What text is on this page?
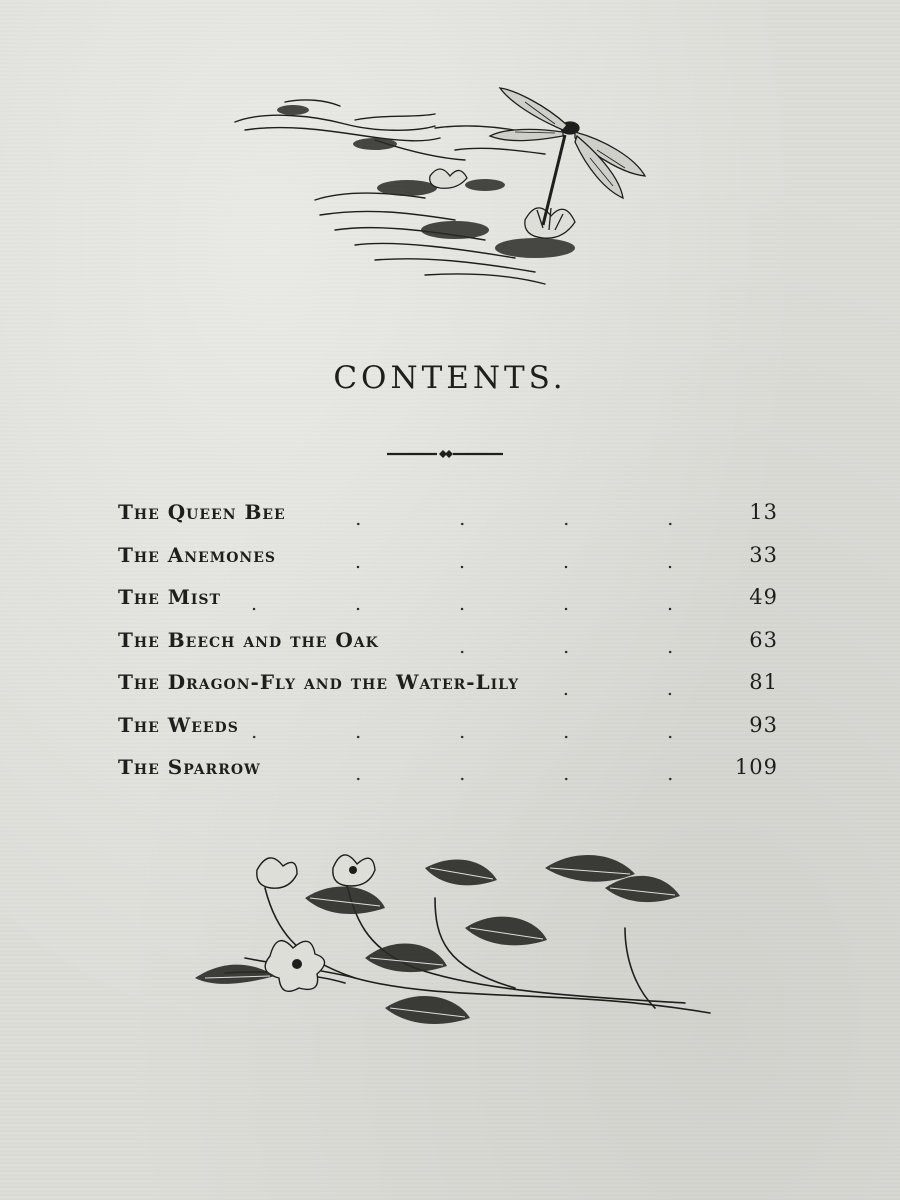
CONTENTS.
The Queen Bee	13
The Anemones	33
The Mist	49
The Beech and the Oak	63
The Dragon-Fly and the Water-Lily	81
The Weeds	93
The Sparrow	109
